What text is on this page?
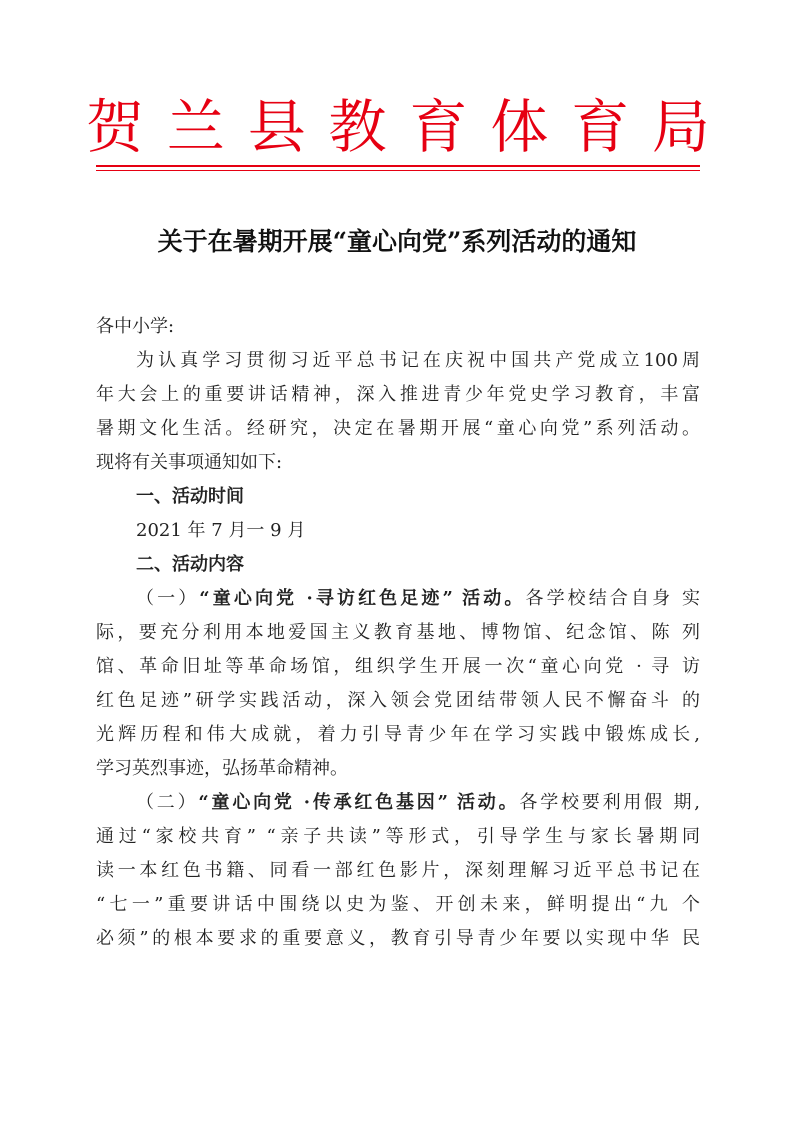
贺 兰 县 教 育 体 育 局
关于在暑期开展“童心向党”系列活动的通知
各中小学:
为认真学习贯彻习近平总书记在庆祝中国共产党成立100周
年大会上的重要讲话精神，深入推进青少年党史学习教育，丰富
暑期文化生活。经研究，决定在暑期开展“童心向党”系列活动。
现将有关事项通知如下:
一、活动时间
2021 年 7 月一 9 月
二、活动内容
（一）“童心向党 ·寻访红色足迹” 活动。各学校结合自身 实
际，要充分利用本地爱国主义教育基地、博物馆、纪念馆、陈 列
馆、革命旧址等革命场馆，组织学生开展一次“童心向党 · 寻 访
红色足迹”研学实践活动，深入领会党团结带领人民不懈奋斗 的
光辉历程和伟大成就，着力引导青少年在学习实践中锻炼成长,
学习英烈事迹，弘扬革命精神。
（二）“童心向党 ·传承红色基因” 活动。各学校要利用假 期,
通过“家校共育” “亲子共读”等形式，引导学生与家长暑期同
读一本红色书籍、同看一部红色影片，深刻理解习近平总书记在
“七一”重要讲话中围绕以史为鉴、开创未来，鲜明提出“九 个
必须”的根本要求的重要意义，教育引导青少年要以实现中华 民
